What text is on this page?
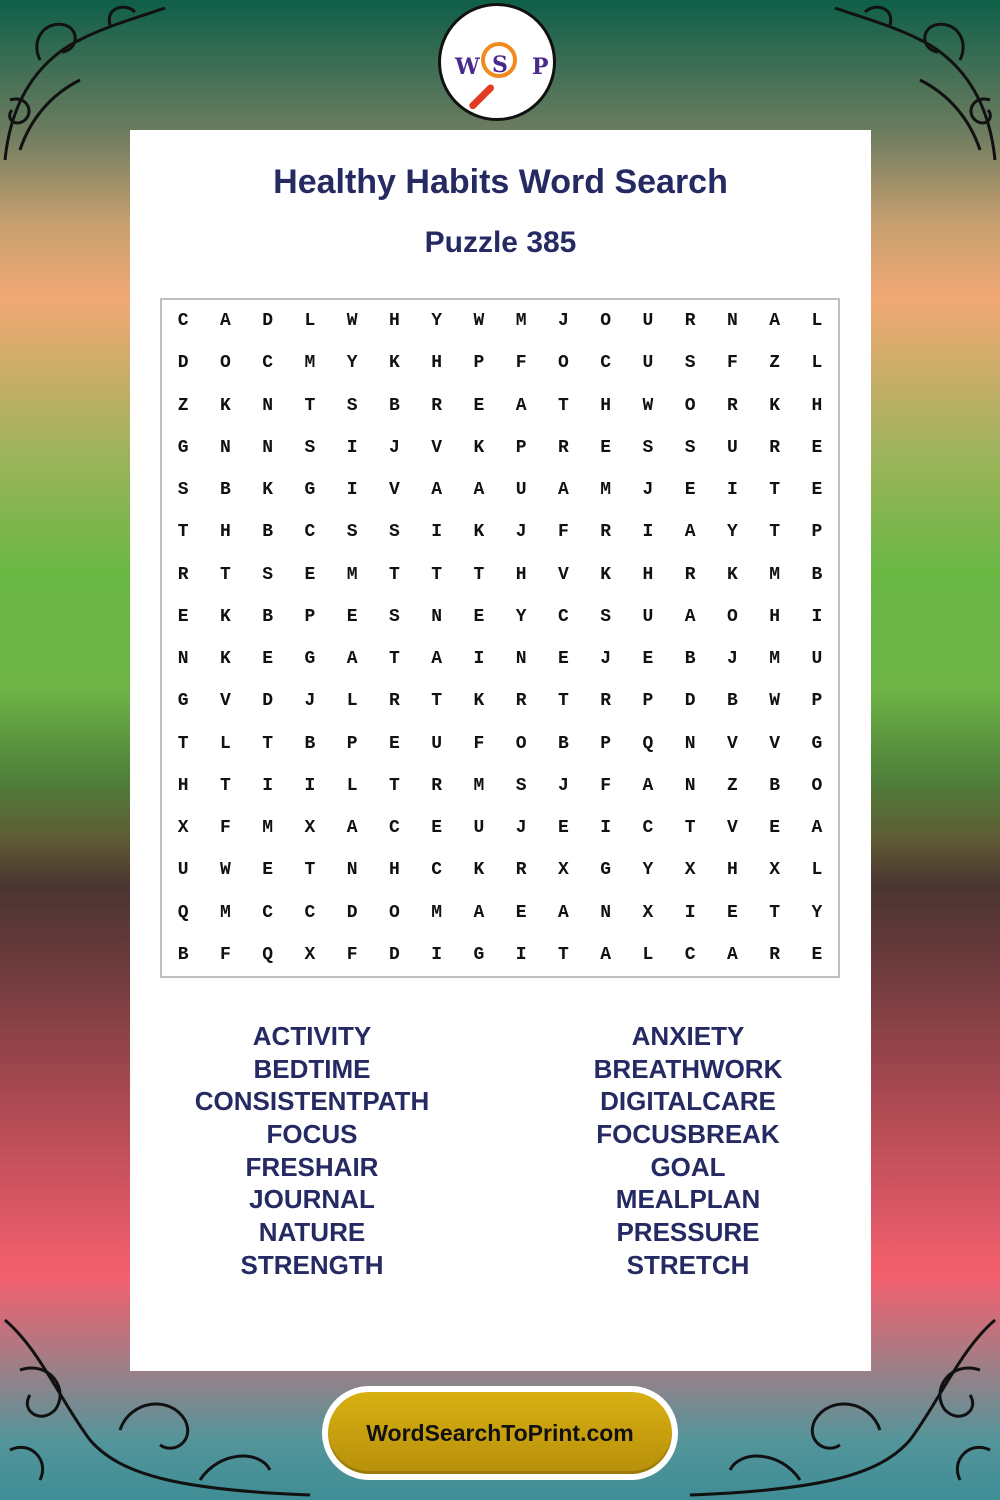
W S P
Healthy Habits Word Search
Puzzle 385
C	A	D	L	W	H	Y	W	M	J	O	U	R	N	A	L
D	O	C	M	Y	K	H	P	F	O	C	U	S	F	Z	L
Z	K	N	T	S	B	R	E	A	T	H	W	O	R	K	H
G	N	N	S	I	J	V	K	P	R	E	S	S	U	R	E
S	B	K	G	I	V	A	A	U	A	M	J	E	I	T	E
T	H	B	C	S	S	I	K	J	F	R	I	A	Y	T	P
R	T	S	E	M	T	T	T	H	V	K	H	R	K	M	B
E	K	B	P	E	S	N	E	Y	C	S	U	A	O	H	I
N	K	E	G	A	T	A	I	N	E	J	E	B	J	M	U
G	V	D	J	L	R	T	K	R	T	R	P	D	B	W	P
T	L	T	B	P	E	U	F	O	B	P	Q	N	V	V	G
H	T	I	I	L	T	R	M	S	J	F	A	N	Z	B	O
X	F	M	X	A	C	E	U	J	E	I	C	T	V	E	A
U	W	E	T	N	H	C	K	R	X	G	Y	X	H	X	L
Q	M	C	C	D	O	M	A	E	A	N	X	I	E	T	Y
B	F	Q	X	F	D	I	G	I	T	A	L	C	A	R	E
ACTIVITY
BEDTIME
CONSISTENTPATH
FOCUS
FRESHAIR
JOURNAL
NATURE
STRENGTH
ANXIETY
BREATHWORK
DIGITALCARE
FOCUSBREAK
GOAL
MEALPLAN
PRESSURE
STRETCH
WordSearchToPrint.com
